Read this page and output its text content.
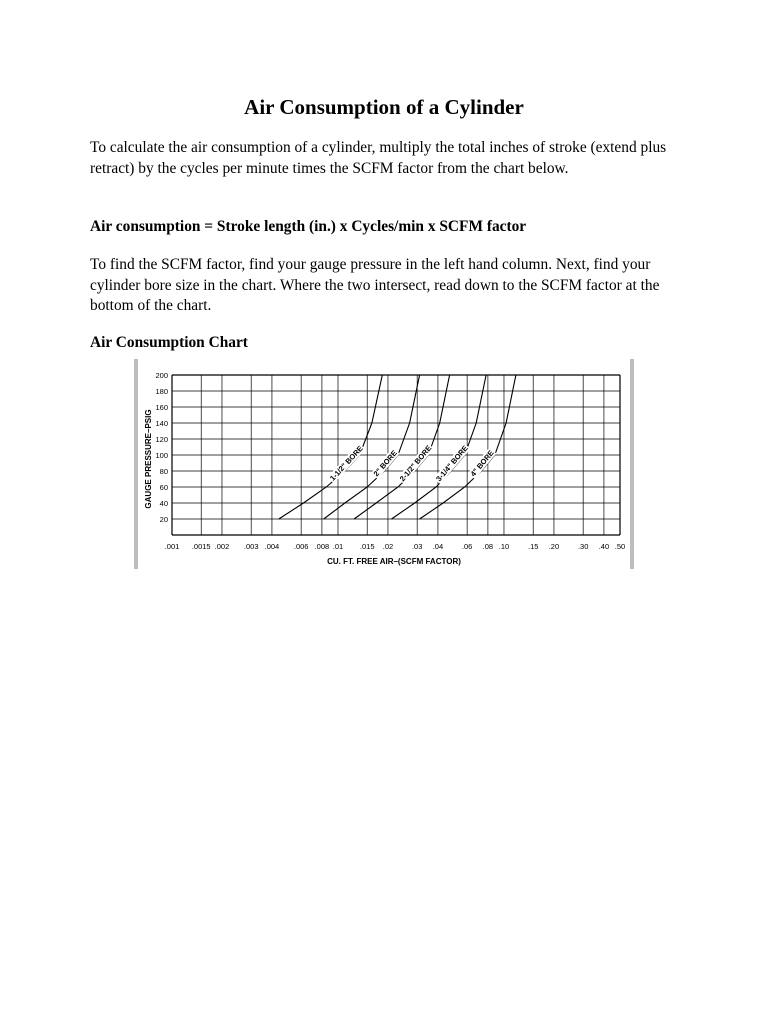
Air Consumption of a Cylinder

To calculate the air consumption of a cylinder, multiply the total inches of stroke (extend plus retract) by the cycles per minute times the SCFM factor from the chart below.

Air consumption = Stroke length (in.) x Cycles/min x SCFM factor

To find the SCFM factor, find your gauge pressure in the left hand column. Next, find your cylinder bore size in the chart. Where the two intersect, read down to the SCFM factor at the bottom of the chart.

Air Consumption Chart

20
40
60
80
100
120
140
160
180
200
.001 .0015 .002 .003 .004 .006 .008 .01 .015 .02	.03 .04	.06 .08 .10	.15 .20	.30 .40 .50
1-1/2" BORE 2" BORE
2-1/2" BORE 3-1/4" BORE
4" BORE
GAUGE PRESSURE–PSIG
CU. FT. FREE AIR–(SCFM FACTOR)
